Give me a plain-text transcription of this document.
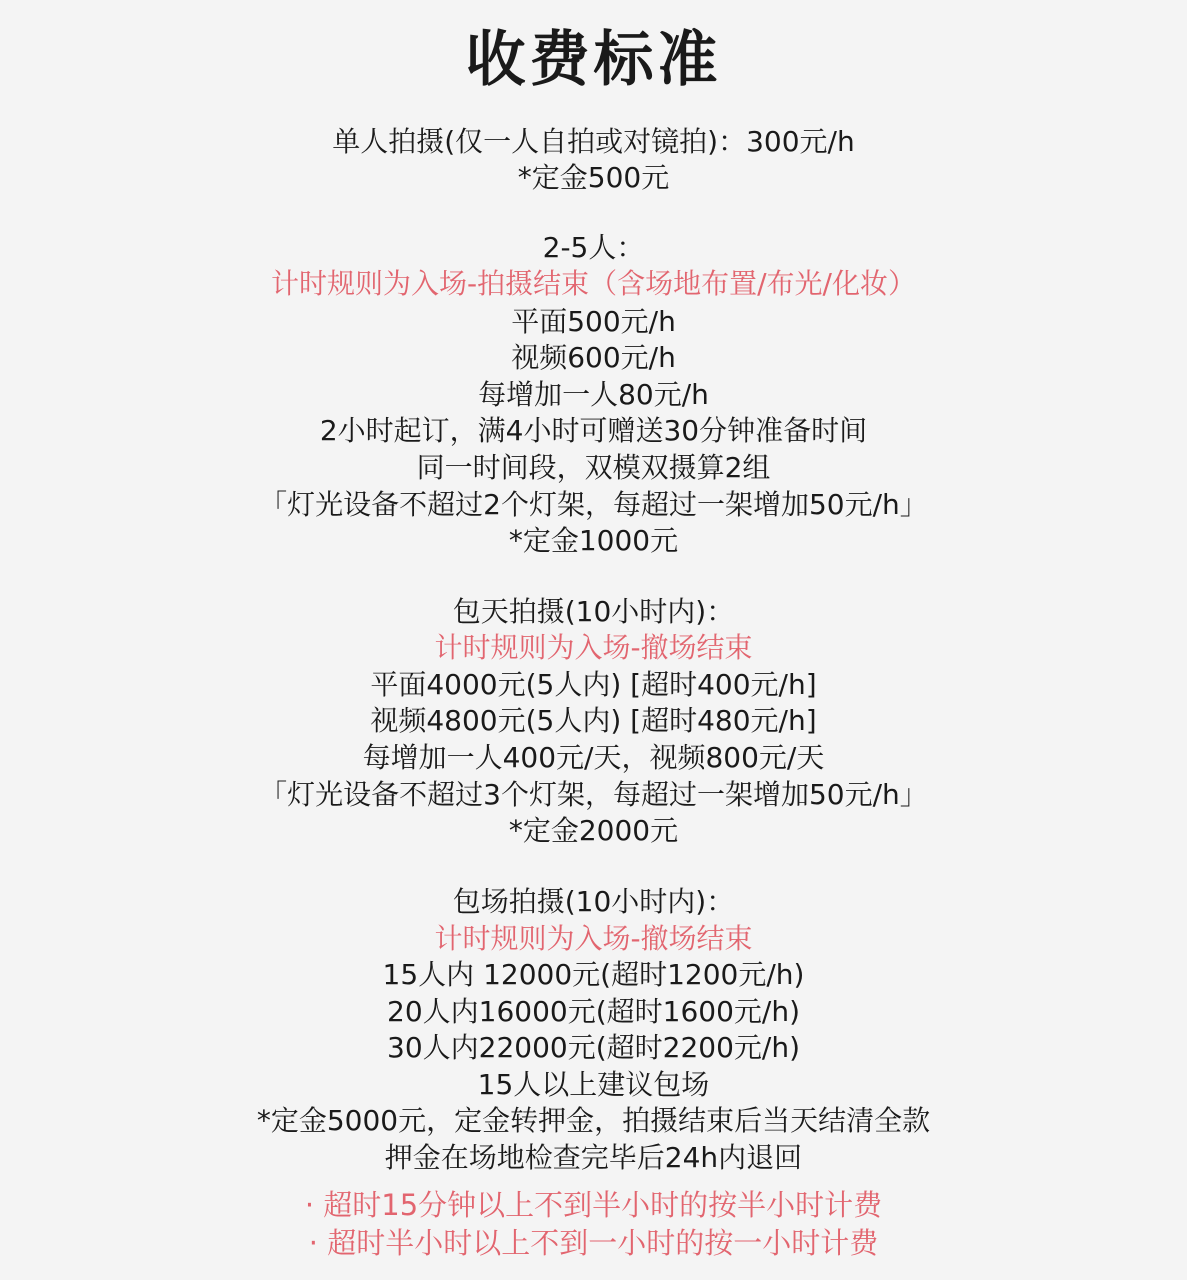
收费标准
单人拍摄(仅一人自拍或对镜拍)：300元/h
*定金500元
2-5人：
计时规则为入场-拍摄结束（含场地布置/布光/化妆）
平面500元/h
视频600元/h
每增加一人80元/h
2小时起订，满4小时可赠送30分钟准备时间
同一时间段，双模双摄算2组
「灯光设备不超过2个灯架，每超过一架增加50元/h」
*定金1000元
包天拍摄(10小时内)：
计时规则为入场-撤场结束
平面4000元(5人内) [超时400元/h]
视频4800元(5人内) [超时480元/h]
每增加一人400元/天，视频800元/天
「灯光设备不超过3个灯架，每超过一架增加50元/h」
*定金2000元
包场拍摄(10小时内)：
计时规则为入场-撤场结束
15人内 12000元(超时1200元/h)
20人内16000元(超时1600元/h)
30人内22000元(超时2200元/h)
15人以上建议包场
*定金5000元，定金转押金，拍摄结束后当天结清全款
押金在场地检查完毕后24h内退回
· 超时15分钟以上不到半小时的按半小时计费
· 超时半小时以上不到一小时的按一小时计费
